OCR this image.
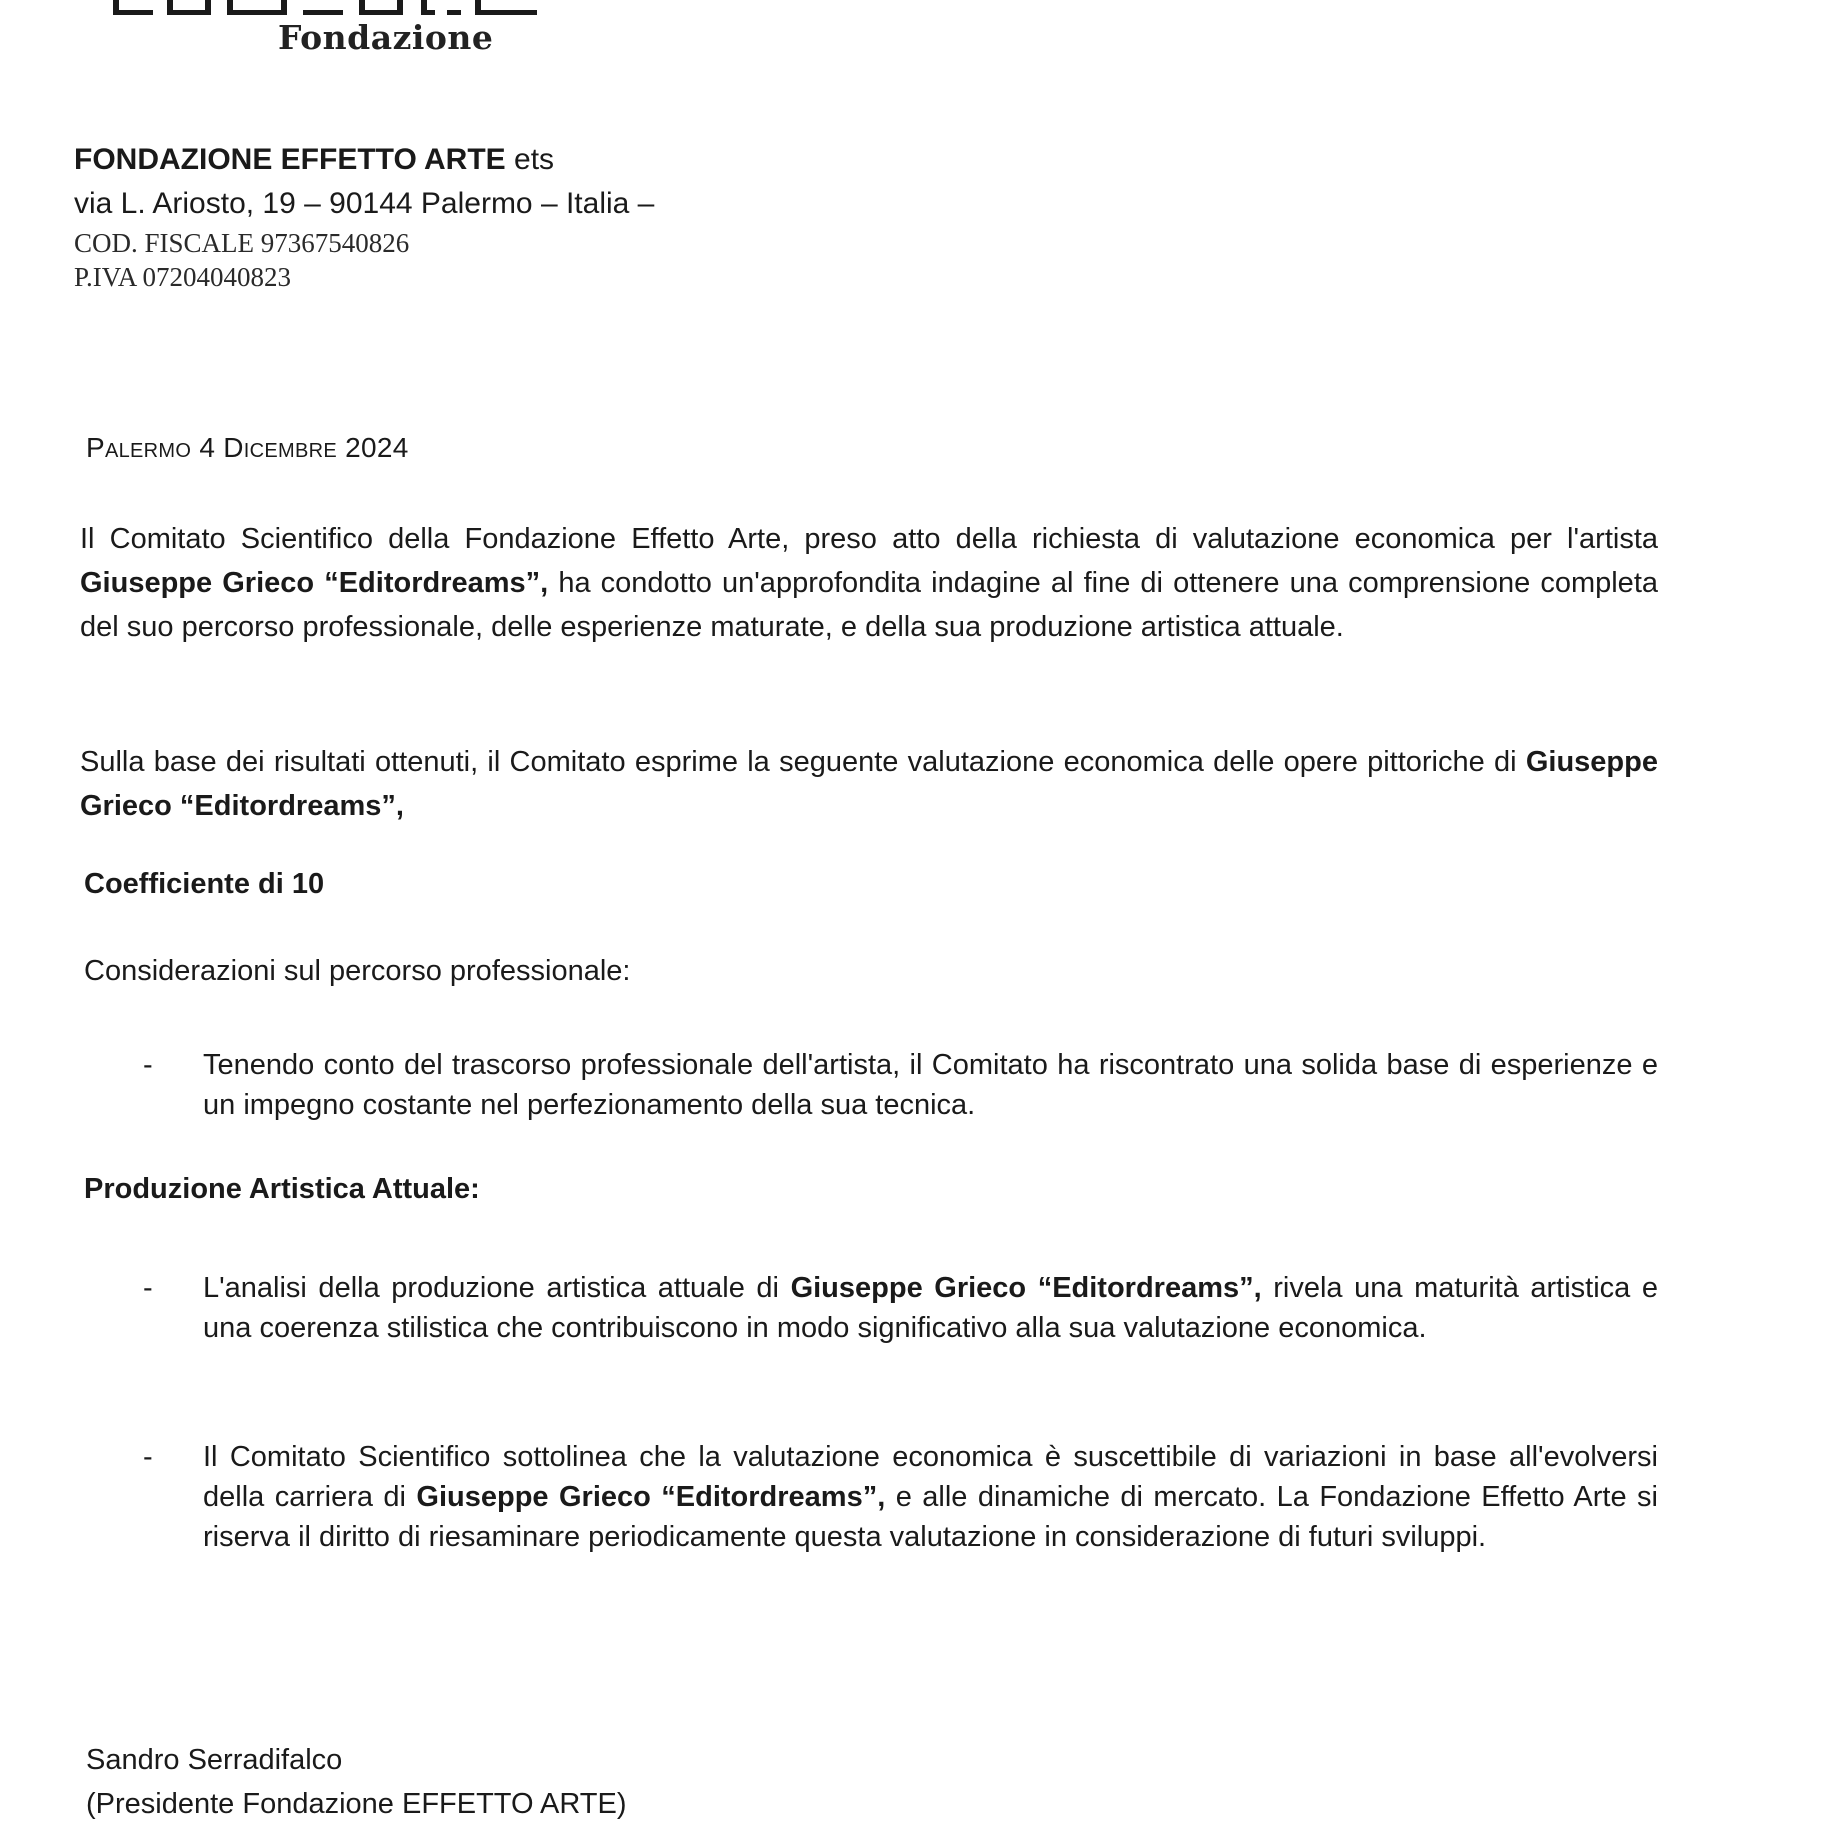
Fondazione
FONDAZIONE EFFETTO ARTE ets
via L. Ariosto, 19 – 90144 Palermo – Italia –
COD. FISCALE 97367540826
P.IVA 07204040823
Palermo 4 Dicembre 2024

Il Comitato Scientifico della Fondazione Effetto Arte, preso atto della richiesta di valutazione economica per l'artista Giuseppe Grieco “Editordreams”, ha condotto un'approfondita indagine al fine di ottenere una comprensione completa del suo percorso professionale, delle esperienze maturate, e della sua produzione artistica attuale.

Sulla base dei risultati ottenuti, il Comitato esprime la seguente valutazione economica delle opere pittoriche di Giuseppe Grieco “Editordreams”,

Coefficiente di 10
Considerazioni sul percorso professionale:
- Tenendo conto del trascorso professionale dell'artista, il Comitato ha riscontrato una solida base di esperienze e un impegno costante nel perfezionamento della sua tecnica.
Produzione Artistica Attuale:
- L'analisi della produzione artistica attuale di Giuseppe Grieco “Editordreams”, rivela una maturità artistica e una coerenza stilistica che contribuiscono in modo significativo alla sua valutazione economica.
- Il Comitato Scientifico sottolinea che la valutazione economica è suscettibile di variazioni in base all'evolversi della carriera di Giuseppe Grieco “Editordreams”, e alle dinamiche di mercato. La Fondazione Effetto Arte si riserva il diritto di riesaminare periodicamente questa valutazione in considerazione di futuri sviluppi.
Sandro Serradifalco
(Presidente Fondazione EFFETTO ARTE)
